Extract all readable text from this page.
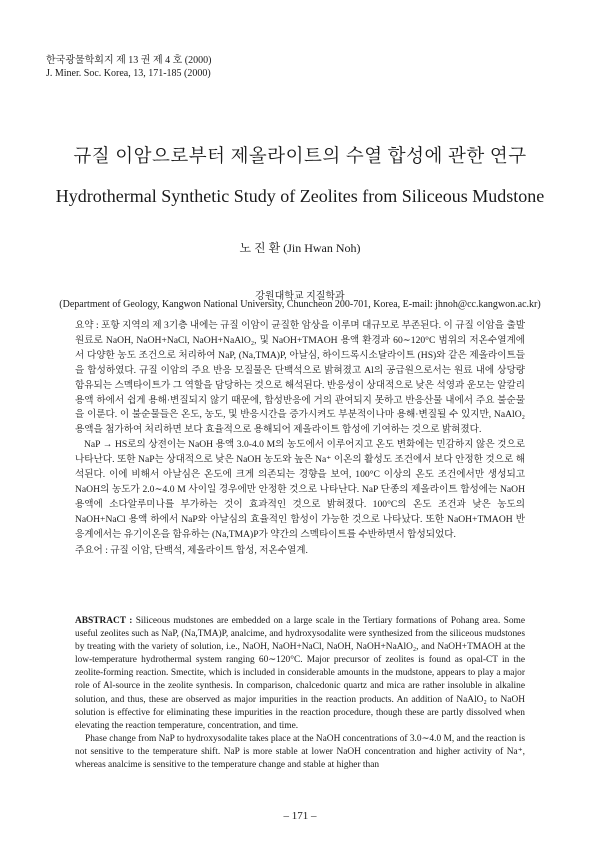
한국광물학회지 제 13 권 제 4 호 (2000)
J. Miner. Soc. Korea, 13, 171-185 (2000)
규질 이암으로부터 제올라이트의 수열 합성에 관한 연구
Hydrothermal Synthetic Study of Zeolites from Siliceous Mudstone
노 진 환 (Jin Hwan Noh)
강원대학교 지질학과
(Department of Geology, Kangwon National University, Chuncheon 200-701, Korea, E-mail: jhnoh@cc.kangwon.ac.kr)

요약 : 포항 지역의 제 3기층 내에는 규질 이암이 균질한 암상을 이루며 대규모로 부존된다. 이 규질 이암을 출발원료로 NaOH, NaOH+NaCl, NaOH+NaAlO₂, 및 NaOH+TMAOH 용액 환경과 60∼120°C 범위의 저온수열계에서 다양한 농도 조건으로 처리하여 NaP, (Na,TMA)P, 아날심, 하이드록시소달라이트 (HS)와 같은 제올라이트들을 합성하였다. 규질 이암의 주요 반응 모질물은 단백석으로 밝혀졌고 Al의 공급원으로서는 원료 내에 상당량 함유되는 스멕타이트가 그 역할을 담당하는 것으로 해석된다. 반응성이 상대적으로 낮은 석영과 운모는 알칼리 용액 하에서 쉽게 용해·변질되지 않기 때문에, 합성반응에 거의 관여되지 못하고 반응산물 내에서 주요 불순물을 이룬다. 이 불순물들은 온도, 농도, 및 반응시간을 증가시켜도 부분적이나마 용해·변질될 수 있지만, NaAlO₂ 용액을 첨가하여 처리하면 보다 효율적으로 용해되어 제올라이트 합성에 기여하는 것으로 밝혀졌다.

NaP → HS로의 상전이는 NaOH 용액 3.0-4.0 M의 농도에서 이루어지고 온도 변화에는 민감하지 않은 것으로 나타난다. 또한 NaP는 상대적으로 낮은 NaOH 농도와 높은 Na⁺ 이온의 활성도 조건에서 보다 안정한 것으로 해석된다. 이에 비해서 아날심은 온도에 크게 의존되는 경향을 보여, 100°C 이상의 온도 조건에서만 생성되고 NaOH의 농도가 2.0∼4.0 M 사이일 경우에만 안정한 것으로 나타난다. NaP 단종의 제올라이트 합성에는 NaOH 용액에 소다알루미나를 부가하는 것이 효과적인 것으로 밝혀졌다. 100°C의 온도 조건과 낮은 농도의 NaOH+NaCl 용액 하에서 NaP와 아날심의 효율적인 합성이 가능한 것으로 나타났다. 또한 NaOH+TMAOH 반응계에서는 유기이온을 함유하는 (Na,TMA)P가 약간의 스멕타이트를 수반하면서 합성되었다.

주요어 : 규질 이암, 단백석, 제올라이트 합성, 저온수열계.

ABSTRACT : Siliceous mudstones are embedded on a large scale in the Tertiary formations of Pohang area. Some useful zeolites such as NaP, (Na,TMA)P, analcime, and hydroxysodalite were synthesized from the siliceous mudstones by treating with the variety of solution, i.e., NaOH, NaOH+NaCl, NaOH, NaOH+NaAlO₂, and NaOH+TMAOH at the low-temperature hydrothermal system ranging 60∼120°C. Major precursor of zeolites is found as opal-CT in the zeolite-forming reaction. Smectite, which is included in considerable amounts in the mudstone, appears to play a major role of Al-source in the zeolite synthesis. In comparison, chalcedonic quartz and mica are rather insoluble in alkaline solution, and thus, these are observed as major impurities in the reaction products. An addition of NaAlO₂ to NaOH solution is effective for eliminating these impurities in the reaction procedure, though these are partly dissolved when elevating the reaction temperature, concentration, and time.

Phase change from NaP to hydroxysodalite takes place at the NaOH concentrations of 3.0∼4.0 M, and the reaction is not sensitive to the temperature shift. NaP is more stable at lower NaOH concentration and higher activity of Na⁺, whereas analcime is sensitive to the temperature change and stable at higher than

– 171 –
